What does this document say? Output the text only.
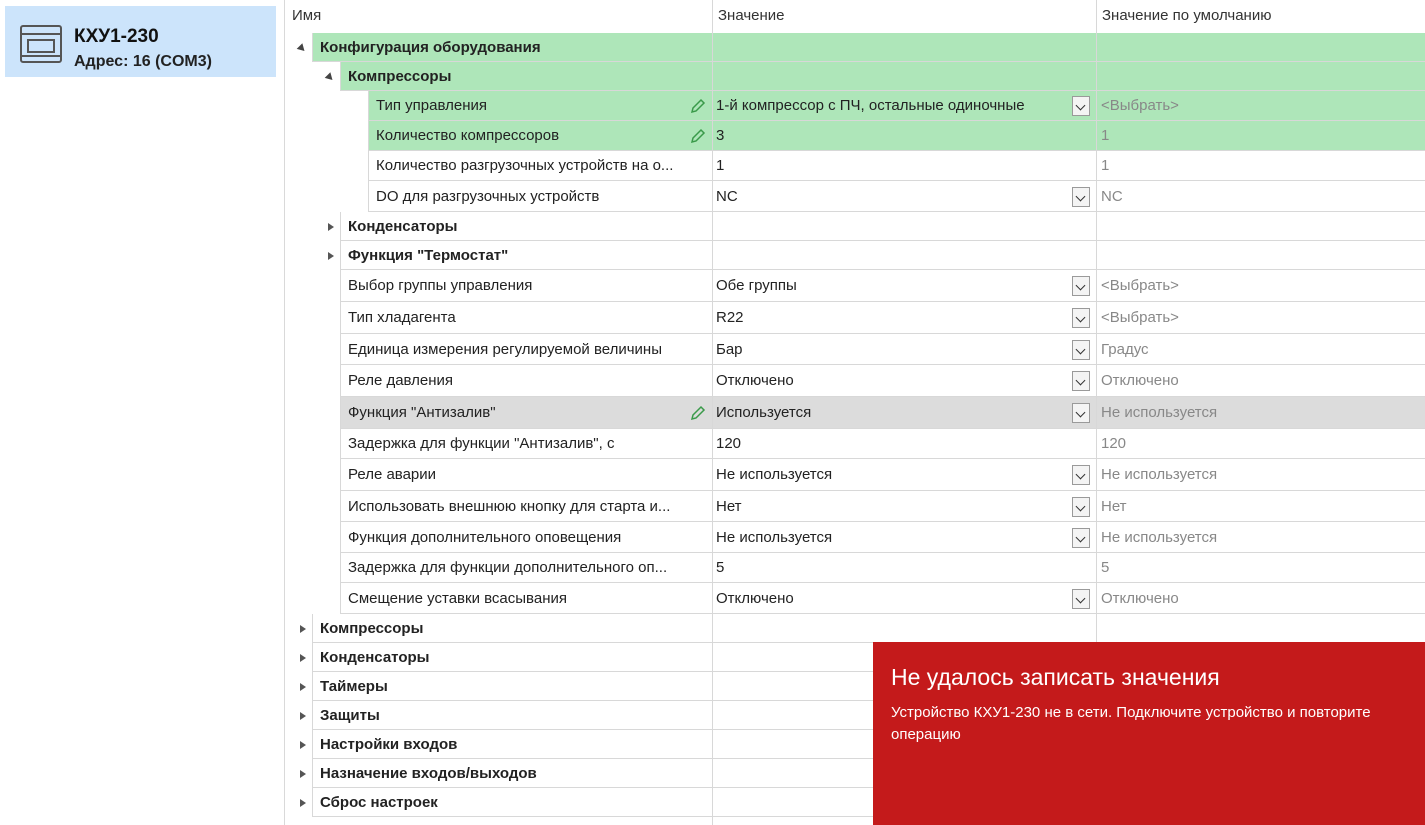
КХУ1-230
Адрес: 16 (COM3)
Имя	Значение	Значение по умолчанию
Конфигурация оборудования
Компрессоры
Тип управления	1-й компрессор с ПЧ, остальные одиночные	<Выбрать>
Количество компрессоров	3	1
Количество разгрузочных устройств на о...	1	1
DO для разгрузочных устройств	NC	NC
Конденсаторы
Функция "Термостат"
Выбор группы управления	Обе группы	<Выбрать>
Тип хладагента	R22	<Выбрать>
Единица измерения регулируемой величины	Бар	Градус
Реле давления	Отключено	Отключено
Функция "Антизалив"	Используется	Не используется
Задержка для функции "Антизалив", с	120	120
Реле аварии	Не используется	Не используется
Использовать внешнюю кнопку для старта и...	Нет	Нет
Функция дополнительного оповещения	Не используется	Не используется
Задержка для функции дополнительного оп...	5	5
Смещение уставки всасывания	Отключено	Отключено
Компрессоры
Конденсаторы
Таймеры
Защиты
Настройки входов
Назначение входов/выходов
Сброс настроек
Не удалось записать значения
Устройство КХУ1-230 не в сети. Подключите устройство и повторите операцию
